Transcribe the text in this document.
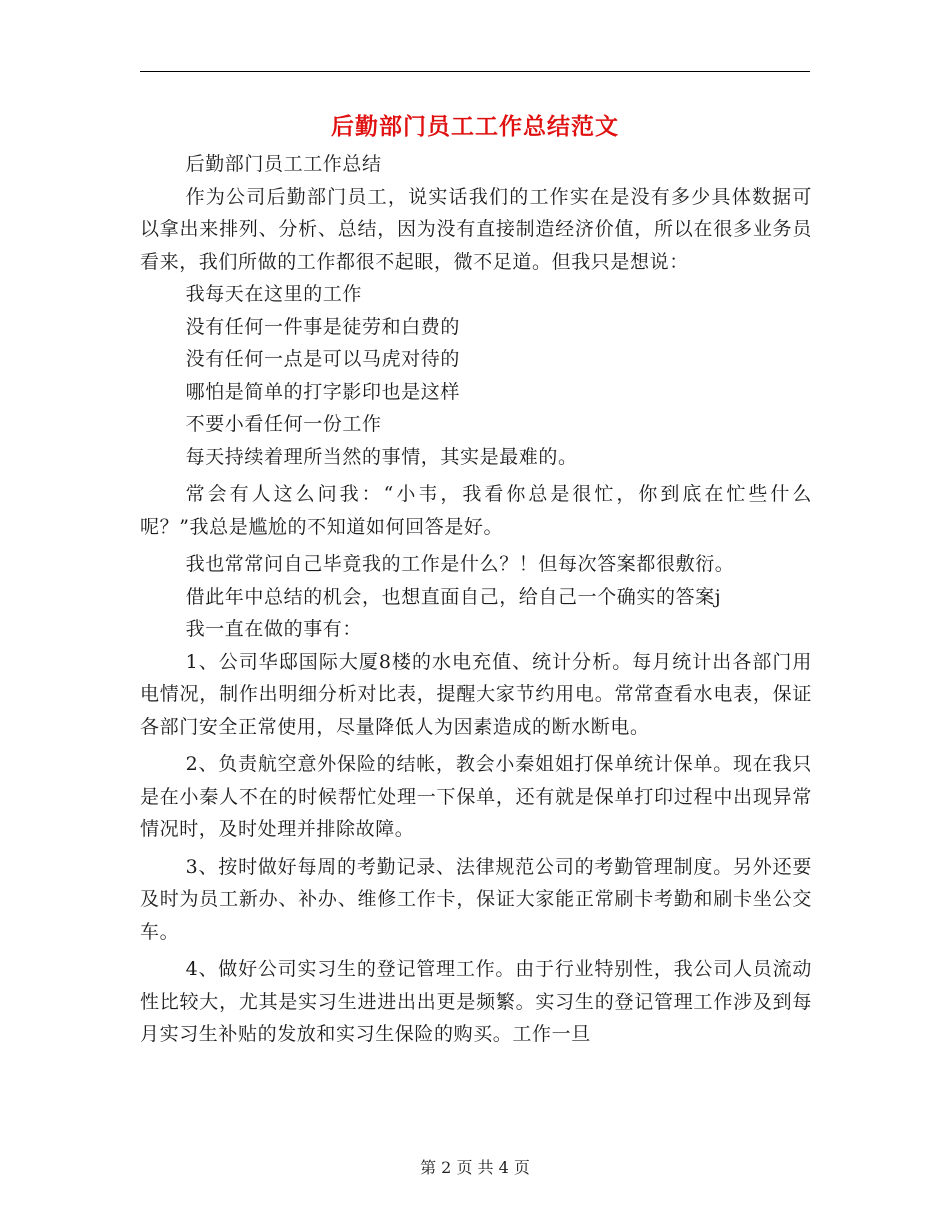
后勤部门员工工作总结范文

后勤部门员工工作总结

作为公司后勤部门员工，说实话我们的工作实在是没有多少具体数据可以拿出来排列、分析、总结，因为没有直接制造经济价值，所以在很多业务员看来，我们所做的工作都很不起眼，微不足道。但我只是想说：

我每天在这里的工作

没有任何一件事是徒劳和白费的

没有任何一点是可以马虎对待的

哪怕是简单的打字影印也是这样

不要小看任何一份工作

每天持续着理所当然的事情，其实是最难的。

常会有人这么问我：“小韦，我看你总是很忙，你到底在忙些什么呢？”我总是尴尬的不知道如何回答是好。

我也常常问自己毕竟我的工作是什么？！但每次答案都很敷衍。

借此年中总结的机会，也想直面自己，给自己一个确实的答案j

我一直在做的事有：

1、公司华邸国际大厦8楼的水电充值、统计分析。每月统计出各部门用电情况，制作出明细分析对比表，提醒大家节约用电。常常查看水电表，保证各部门安全正常使用，尽量降低人为因素造成的断水断电。

2、负责航空意外保险的结帐，教会小秦姐姐打保单统计保单。现在我只是在小秦人不在的时候帮忙处理一下保单，还有就是保单打印过程中出现异常情况时，及时处理并排除故障。

3、按时做好每周的考勤记录、法律规范公司的考勤管理制度。另外还要及时为员工新办、补办、维修工作卡，保证大家能正常刷卡考勤和刷卡坐公交车。

4、做好公司实习生的登记管理工作。由于行业特别性，我公司人员流动性比较大，尤其是实习生进进出出更是频繁。实习生的登记管理工作涉及到每月实习生补贴的发放和实习生保险的购买。工作一旦

第 2 页 共 4 页
